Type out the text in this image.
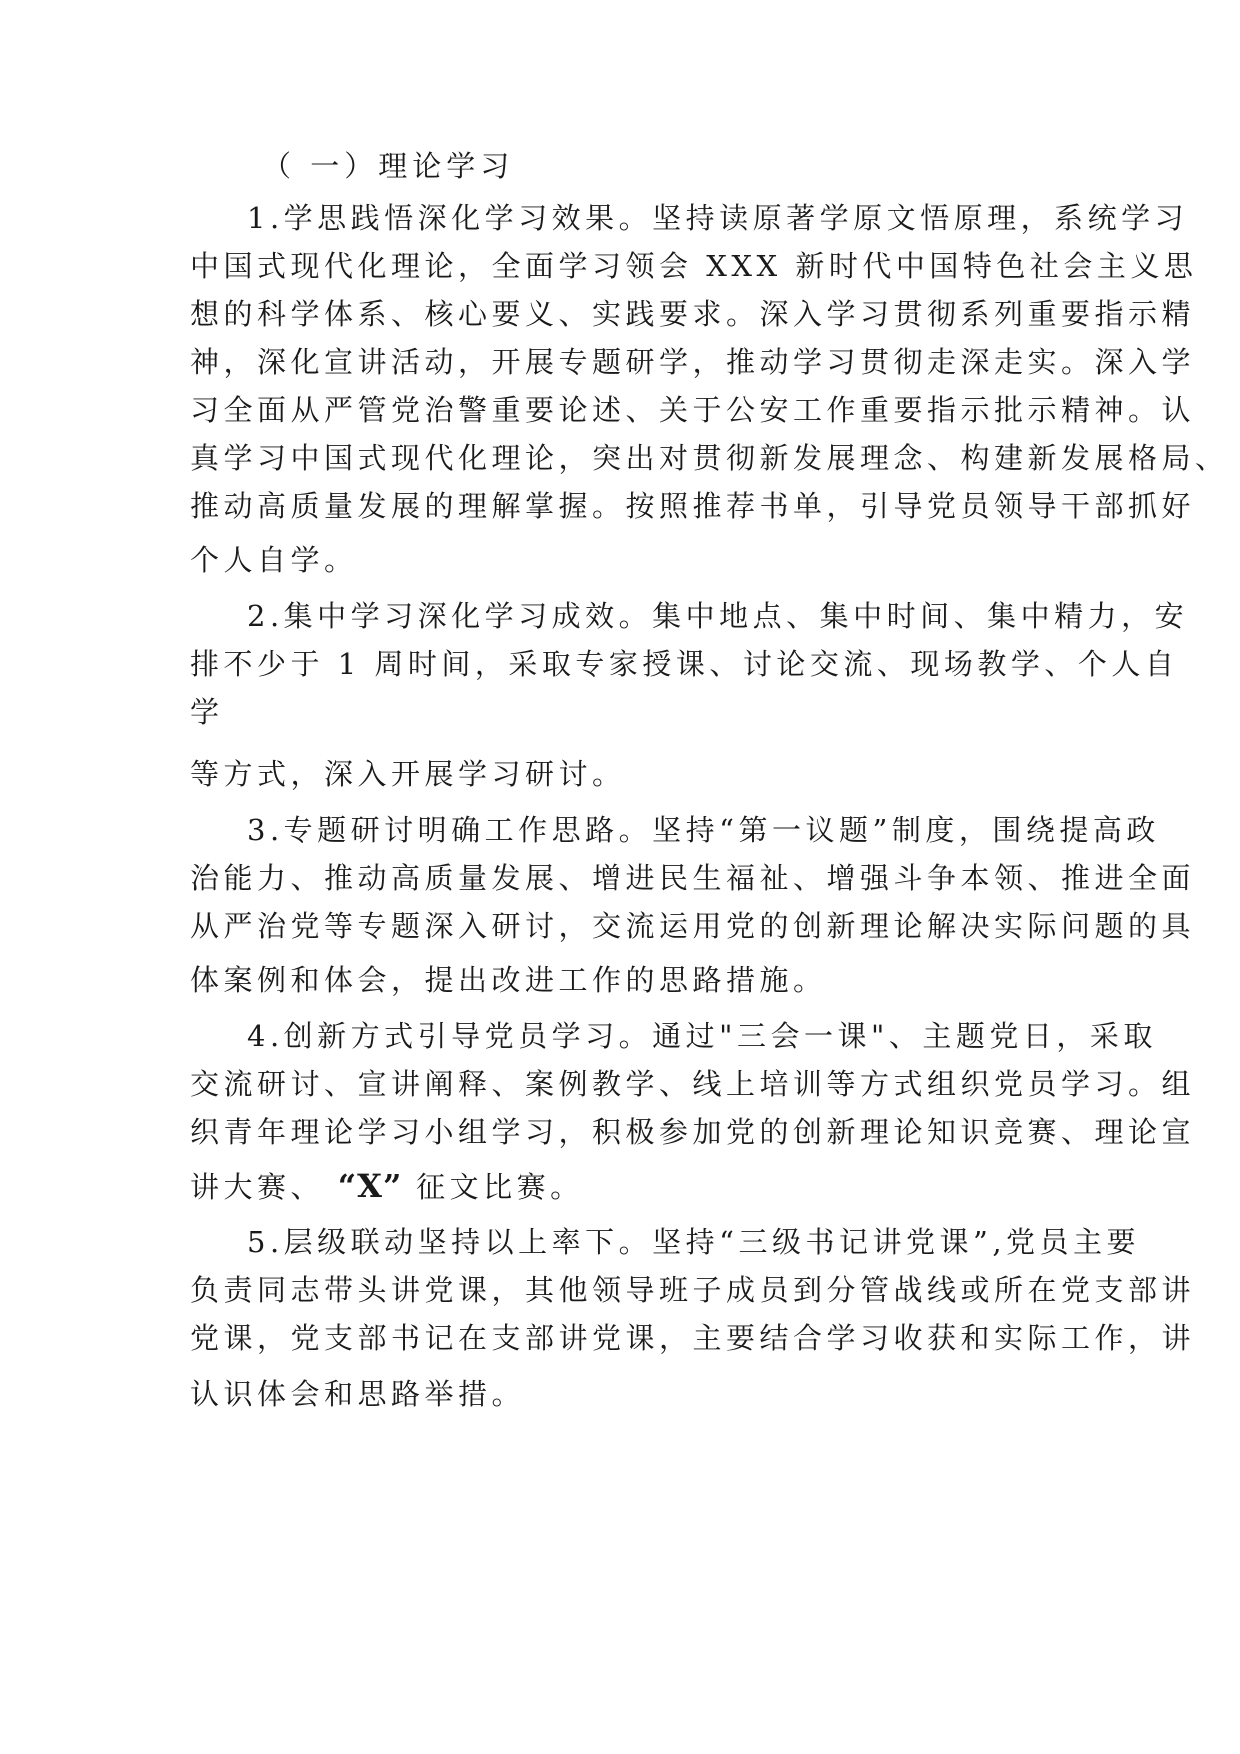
（ 一）理论学习
1.学思践悟深化学习效果。坚持读原著学原文悟原理，系统学习
中国式现代化理论，全面学习领会 XXX 新时代中国特色社会主义思
想的科学体系、核心要义、实践要求。深入学习贯彻系列重要指示精
神，深化宣讲活动，开展专题研学，推动学习贯彻走深走实。深入学
习全面从严管党治警重要论述、关于公安工作重要指示批示精神。认
真学习中国式现代化理论，突出对贯彻新发展理念、构建新发展格局、
推动高质量发展的理解掌握。按照推荐书单，引导党员领导干部抓好
个人自学。
2.集中学习深化学习成效。集中地点、集中时间、集中精力，安
排不少于 1 周时间，采取专家授课、讨论交流、现场教学、个人自
学
等方式，深入开展学习研讨。
3.专题研讨明确工作思路。坚持“第一议题”制度，围绕提高政
治能力、推动高质量发展、增进民生福祉、增强斗争本领、推进全面
从严治党等专题深入研讨，交流运用党的创新理论解决实际问题的具
体案例和体会，提出改进工作的思路措施。
4.创新方式引导党员学习。通过"三会一课"、主题党日，采取
交流研讨、宣讲阐释、案例教学、线上培训等方式组织党员学习。组
织青年理论学习小组学习，积极参加党的创新理论知识竞赛、理论宣
讲大赛、 “X” 征文比赛。
5.层级联动坚持以上率下。坚持“三级书记讲党课”,党员主要
负责同志带头讲党课，其他领导班子成员到分管战线或所在党支部讲
党课，党支部书记在支部讲党课，主要结合学习收获和实际工作，讲
认识体会和思路举措。
